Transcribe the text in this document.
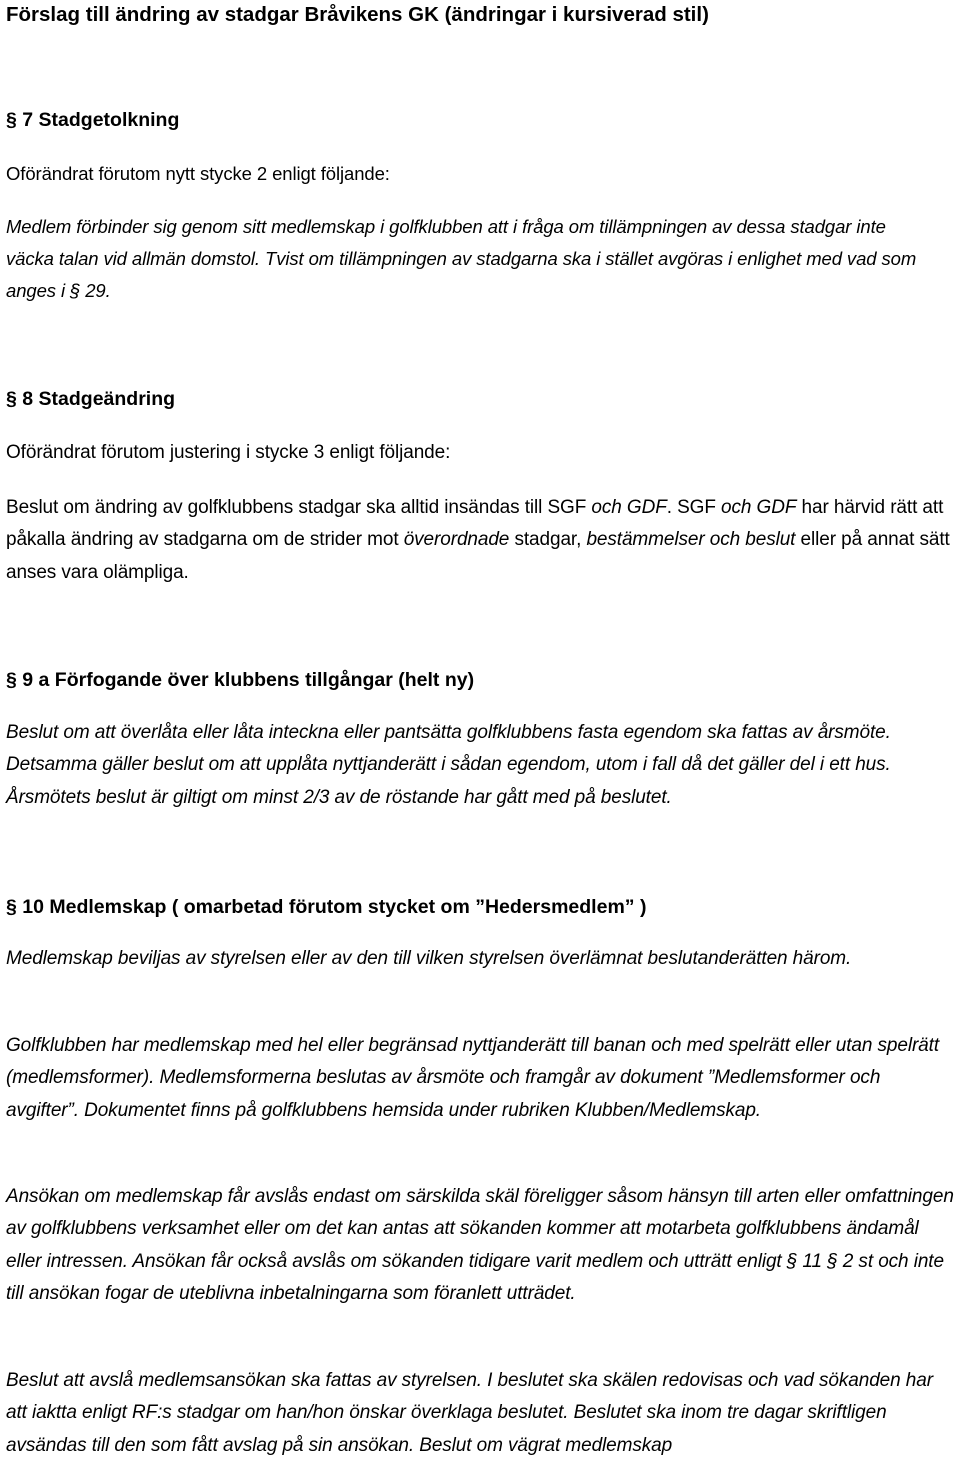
Förslag till ändring av stadgar Bråvikens GK (ändringar i kursiverad stil)
§ 7 Stadgetolkning
Oförändrat förutom nytt stycke 2 enligt följande:
Medlem förbinder sig genom sitt medlemskap i golfklubben att i fråga om tillämpningen av dessa stadgar inte väcka talan vid allmän domstol. Tvist om tillämpningen av stadgarna ska i stället avgöras i enlighet med vad som anges i § 29.
§ 8 Stadgeändring
Oförändrat förutom justering i stycke 3 enligt följande:
Beslut om ändring av golfklubbens stadgar ska alltid insändas till SGF och GDF. SGF och GDF har härvid rätt att påkalla ändring av stadgarna om de strider mot överordnade stadgar, bestämmelser och beslut eller på annat sätt anses vara olämpliga.
§ 9 a Förfogande över klubbens tillgångar (helt ny)
Beslut om att överlåta eller låta inteckna eller pantsätta golfklubbens fasta egendom ska fattas av årsmöte. Detsamma gäller beslut om att upplåta nyttjanderätt i sådan egendom, utom i fall då det gäller del i ett hus. Årsmötets beslut är giltigt om minst 2/3 av de röstande har gått med på beslutet.
§ 10 Medlemskap ( omarbetad förutom stycket om ”Hedersmedlem” )
Medlemskap beviljas av styrelsen eller av den till vilken styrelsen överlämnat beslutanderätten härom.
Golfklubben har medlemskap med hel eller begränsad nyttjanderätt till banan och med spelrätt eller utan spelrätt (medlemsformer). Medlemsformerna beslutas av årsmöte och framgår av dokument ”Medlemsformer och avgifter”. Dokumentet finns på golfklubbens hemsida under rubriken Klubben/Medlemskap.
Ansökan om medlemskap får avslås endast om särskilda skäl föreligger såsom hänsyn till arten eller omfattningen av golfklubbens verksamhet eller om det kan antas att sökanden kommer att motarbeta golfklubbens ändamål eller intressen. Ansökan får också avslås om sökanden tidigare varit medlem och utträtt enligt § 11 § 2 st och inte till ansökan fogar de uteblivna inbetalningarna som föranlett utträdet.
Beslut att avslå medlemsansökan ska fattas av styrelsen. I beslutet ska skälen redovisas och vad sökanden har att iaktta enligt RF:s stadgar om han/hon önskar överklaga beslutet. Beslutet ska inom tre dagar skriftligen avsändas till den som fått avslag på sin ansökan. Beslut om vägrat medlemskap
